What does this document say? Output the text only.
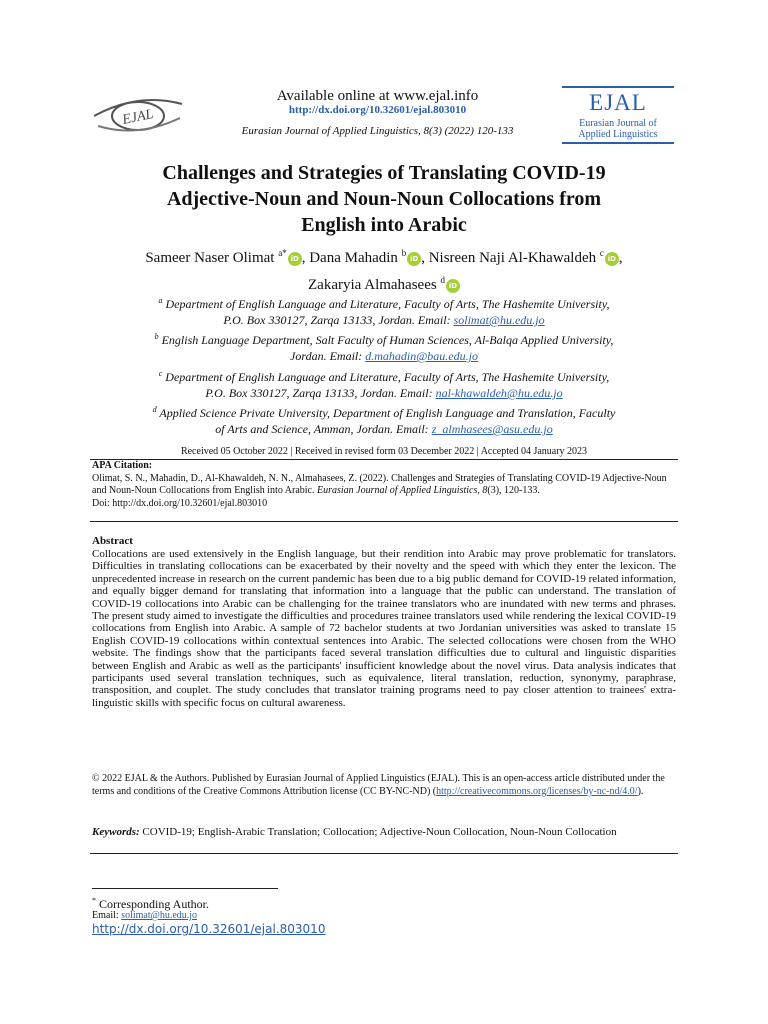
EJAL
Available online at www.ejal.info
http://dx.doi.org/10.32601/ejal.803010
Eurasian Journal of Applied Linguistics, 8(3) (2022) 120-133
EJAL
Eurasian Journal of
Applied Linguistics
Challenges and Strategies of Translating COVID-19
Adjective-Noun and Noun-Noun Collocations from
English into Arabic
Sameer Naser Olimat $^{a*}$iD , Dana Mahadin $^b$iD , Nisreen Naji Al-Khawaldeh $^c$iD ,
Zakaryia Almahasees $^d$iD
$^a$ Department of English Language and Literature, Faculty of Arts, The Hashemite University,
P.O. Box 330127, Zarqa 13133, Jordan. Email: solimat@hu.edu.jo
$^b$ English Language Department, Salt Faculty of Human Sciences, Al-Balqa Applied University,
Jordan. Email: d.mahadin@bau.edu.jo
$^c$ Department of English Language and Literature, Faculty of Arts, The Hashemite University,
P.O. Box 330127, Zarqa 13133, Jordan. Email: nal-khawaldeh@hu.edu.jo
$^d$ Applied Science Private University, Department of English Language and Translation, Faculty
of Arts and Science, Amman, Jordan. Email: z_almhasees@asu.edu.jo
Received 05 October 2022 | Received in revised form 03 December 2022 | Accepted 04 January 2023
APA Citation:
Olimat, S. N., Mahadin, D., Al-Khawaldeh, N. N., Almahasees, Z. (2022). Challenges and Strategies of Translating COVID-19 Adjective-Noun and Noun-Noun Collocations from English into Arabic. Eurasian Journal of Applied Linguistics, 8(3), 120-133.
Doi: http://dx.doi.org/10.32601/ejal.803010
Abstract
Collocations are used extensively in the English language, but their rendition into Arabic may prove problematic for translators. Difficulties in translating collocations can be exacerbated by their novelty and the speed with which they enter the lexicon. The unprecedented increase in research on the current pandemic has been due to a big public demand for COVID-19 related information, and equally bigger demand for translating that information into a language that the public can understand. The translation of COVID-19 collocations into Arabic can be challenging for the trainee translators who are inundated with new terms and phrases. The present study aimed to investigate the difficulties and procedures trainee translators used while rendering the lexical COVID-19 collocations from English into Arabic. A sample of 72 bachelor students at two Jordanian universities was asked to translate 15 English COVID-19 collocations within contextual sentences into Arabic. The selected collocations were chosen from the WHO website. The findings show that the participants faced several translation difficulties due to cultural and linguistic disparities between English and Arabic as well as the participants' insufficient knowledge about the novel virus. Data analysis indicates that participants used several translation techniques, such as equivalence, literal translation, reduction, synonymy, paraphrase, transposition, and couplet. The study concludes that translator training programs need to pay closer attention to trainees' extra-linguistic skills with specific focus on cultural awareness.
© 2022 EJAL & the Authors. Published by Eurasian Journal of Applied Linguistics (EJAL). This is an open-access article distributed under the terms and conditions of the Creative Commons Attribution license (CC BY-NC-ND) (http://creativecommons.org/licenses/by-nc-nd/4.0/).
Keywords: COVID-19; English-Arabic Translation; Collocation; Adjective-Noun Collocation, Noun-Noun Collocation
* Corresponding Author.
Email: solimat@hu.edu.jo
http://dx.doi.org/10.32601/ejal.803010
